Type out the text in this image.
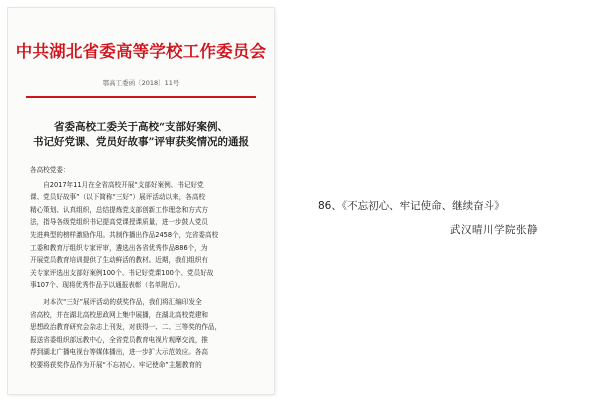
中共湖北省委高等学校工作委员会
鄂高工委函〔2018〕11号
省委高校工委关于高校“支部好案例、
书记好党课、党员好故事”评审获奖情况的通报

各高校党委：

　　自2017年11月在全省高校开展“支部好案例、书记好党

课、党员好故事”（以下简称“三好”）展评活动以来，各高校

精心策划、认真组织，总结提炼党支部创新工作理念和方式方

法，指导各级党组织书记提高党课授课质量，进一步鼓人党员

先进典型的榜样激励作用。共制作播出作品2458个，完省委高校

工委和教育厅组织专家评审，遴选出各省优秀作品886个，为

开展党员教育培训提供了生动鲜活的教材。近期，我们组织有

关专家评选出支部好案例100个、书记好党课100个、党员好故

事107个、现将优秀作品予以通报表彰（名单附后）。

　　对本次“三好”展评活动的获奖作品，我们将汇编印发全

省高校，并在湖北高校思政网上集中展播，在湖北高校党建和

思想政治教育研究会杂志上刊发，对获得一、二、三等奖的作品，

报送省委组织部远教中心，全省党员教育电视片观摩交流，推

荐到湖北广播电视台等媒体播出，进一步扩大示范效应。各高

校要将获奖作品作为开展“不忘初心、牢记使命”主题教育的

86、《不忘初心、牢记使命、继续奋斗》
武汉晴川学院张静
